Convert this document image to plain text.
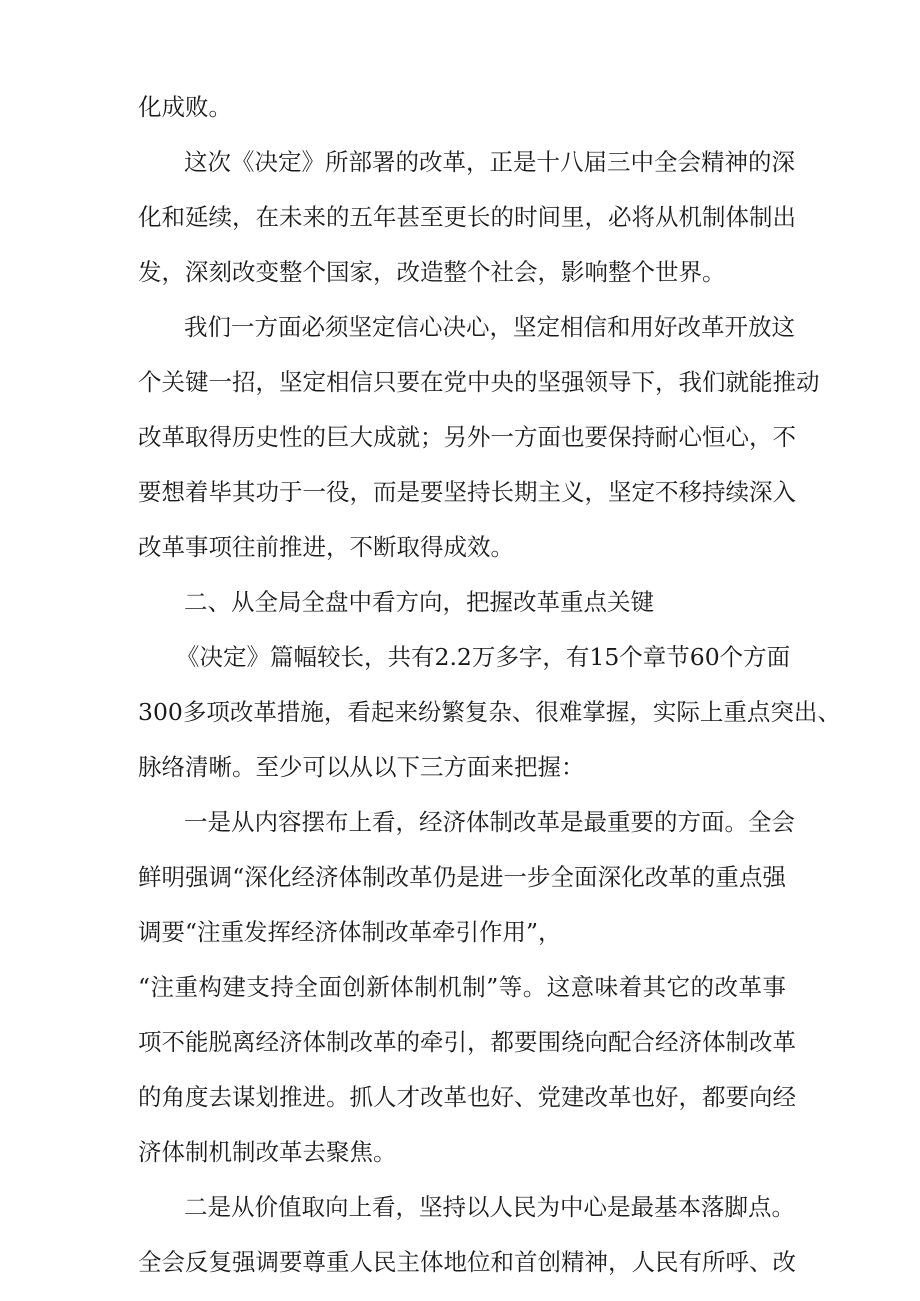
化成败。
这次《决定》所部署的改革，正是十八届三中全会精神的深
化和延续，在未来的五年甚至更长的时间里，必将从机制体制出
发，深刻改变整个国家，改造整个社会，影响整个世界。
我们一方面必须坚定信心决心，坚定相信和用好改革开放这
个关键一招，坚定相信只要在党中央的坚强领导下，我们就能推动
改革取得历史性的巨大成就；另外一方面也要保持耐心恒心，不
要想着毕其功于一役，而是要坚持长期主义，坚定不移持续深入
改革事项往前推进，不断取得成效。
二、从全局全盘中看方向，把握改革重点关键
《决定》篇幅较长，共有2.2万多字，有15个章节60个方面
300多项改革措施，看起来纷繁复杂、很难掌握，实际上重点突出、
脉络清晰。至少可以从以下三方面来把握：
一是从内容摆布上看，经济体制改革是最重要的方面。全会
鲜明强调“深化经济体制改革仍是进一步全面深化改革的重点强
调要“注重发挥经济体制改革牵引作用”，
“注重构建支持全面创新体制机制”等。这意味着其它的改革事
项不能脱离经济体制改革的牵引，都要围绕向配合经济体制改革
的角度去谋划推进。抓人才改革也好、党建改革也好，都要向经
济体制机制改革去聚焦。
二是从价值取向上看，坚持以人民为中心是最基本落脚点。
全会反复强调要尊重人民主体地位和首创精神，人民有所呼、改
